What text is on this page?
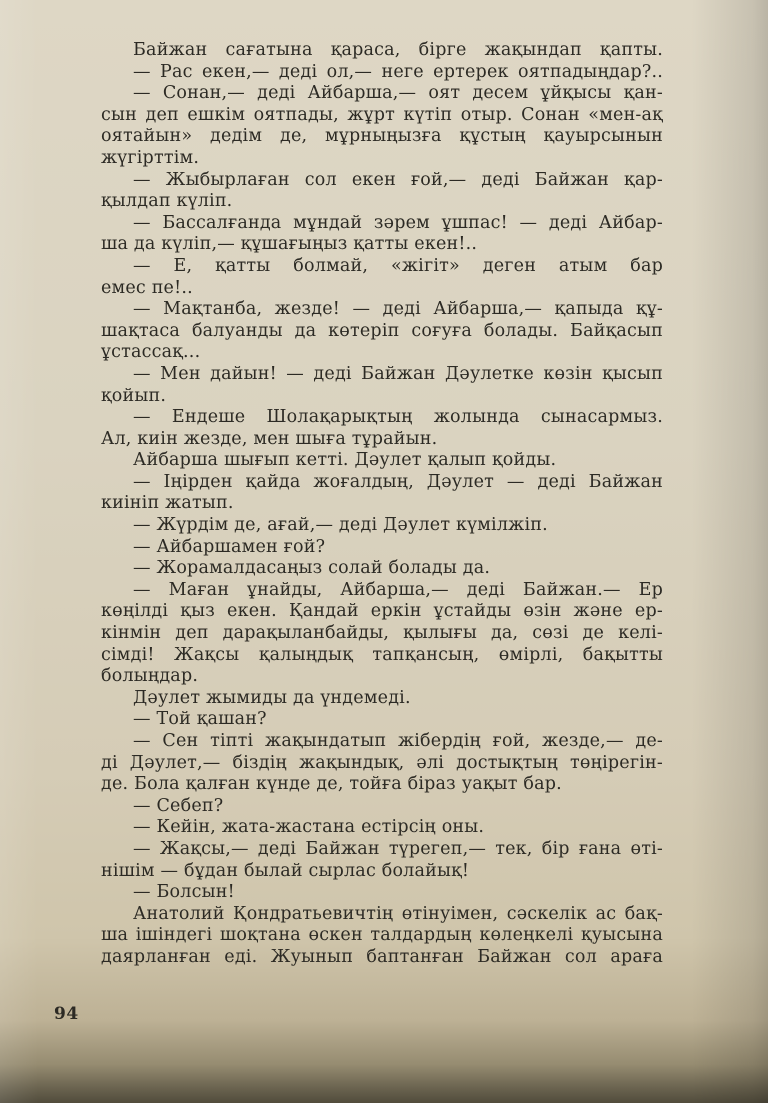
Байжан сағатына қараса, бірге жақындап қапты.
— Рас екен,— деді ол,— неге ертерек оятпадыңдар?..
— Сонан,— деді Айбарша,— оят десем ұйқысы қан-
сын деп ешкім оятпады, жұрт күтіп отыр. Сонан «мен-ақ
оятайын» дедім де, мұрныңызға құстың қауырсынын
жүгірттім.
— Жыбырлаған сол екен ғой,— деді Байжан қар-
қылдап күліп.
— Бассалғанда мұндай зәрем ұшпас! — деді Айбар-
ша да күліп,— құшағыңыз қатты екен!..
— Е, қатты болмай, «жігіт» деген атым бар
емес пе!..
— Мақтанба, жезде! — деді Айбарша,— қапыда құ-
шақтаса балуанды да көтеріп соғуға болады. Байқасып
ұстассақ...
— Мен дайын! — деді Байжан Дәулетке көзін қысып
қойып.
— Ендеше Шолақарықтың жолында сынасармыз.
Ал, киін жезде, мен шыға тұрайын.
Айбарша шығып кетті. Дәулет қалып қойды.
— Іңірден қайда жоғалдың, Дәулет — деді Байжан
киініп жатып.
— Жүрдім де, ағай,— деді Дәулет күмілжіп.
— Айбаршамен ғой?
— Жорамалдасаңыз солай болады да.
— Маған ұнайды, Айбарша,— деді Байжан.— Ер
көңілді қыз екен. Қандай еркін ұстайды өзін және ер-
кінмін деп дарақыланбайды, қылығы да, сөзі де келі-
сімді! Жақсы қалыңдық тапқансың, өмірлі, бақытты
болыңдар.
Дәулет жымиды да үндемеді.
— Той қашан?
— Сен тіпті жақындатып жібердің ғой, жезде,— де-
ді Дәулет,— біздің жақындық, әлі достықтың төңірегін-
де. Бола қалған күнде де, тойға біраз уақыт бар.
— Себеп?
— Кейін, жата-жастана естірсің оны.
— Жақсы,— деді Байжан түрегеп,— тек, бір ғана өті-
нішім — бұдан былай сырлас болайық!
— Болсын!
Анатолий Қондратьевичтің өтінуімен, сәскелік ас бақ-
ша ішіндегі шоқтана өскен талдардың көлеңкелі қуысына
даярланған еді. Жуынып баптанған Байжан сол араға
94
